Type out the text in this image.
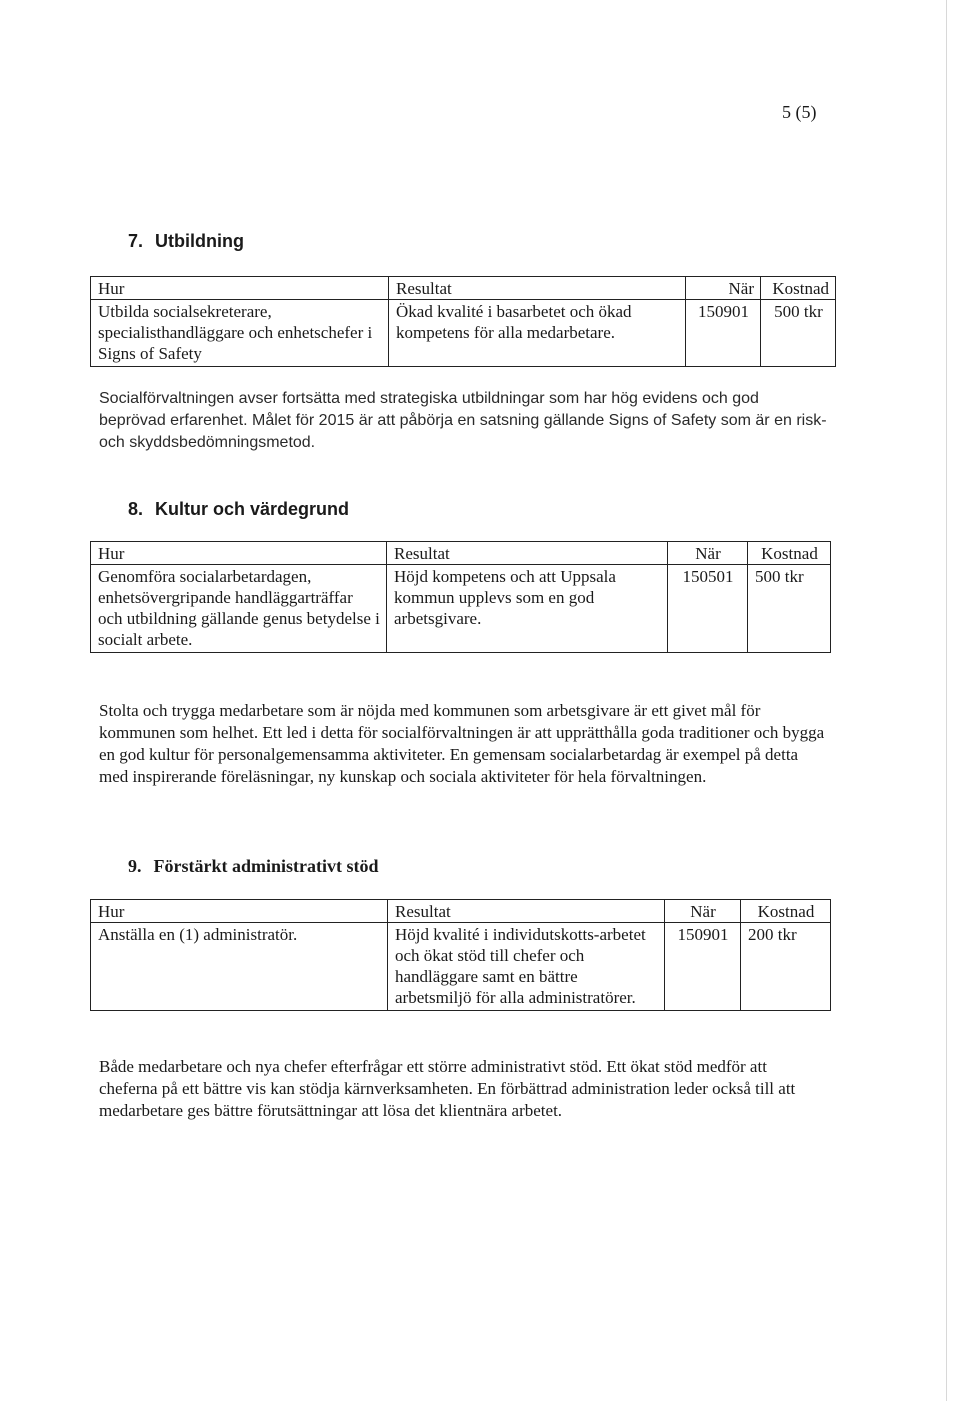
5 (5)
7. Utbildning
Hur	Resultat	När	Kostnad
Utbilda socialsekreterare, specialisthandläggare och enhetschefer i Signs of Safety	Ökad kvalité i basarbetet och ökad kompetens för alla medarbetare.	150901	500 tkr

Socialförvaltningen avser fortsätta med strategiska utbildningar som har hög evidens och god beprövad erfarenhet. Målet för 2015 är att påbörja en satsning gällande Signs of Safety som är en risk- och skyddsbedömningsmetod.

8. Kultur och värdegrund
Hur	Resultat	När	Kostnad
Genomföra socialarbetardagen, enhetsövergripande handläggarträffar och utbildning gällande genus betydelse i socialt arbete.	Höjd kompetens och att Uppsala kommun upplevs som en god arbetsgivare.	150501	500 tkr

Stolta och trygga medarbetare som är nöjda med kommunen som arbetsgivare är ett givet mål för kommunen som helhet. Ett led i detta för socialförvaltningen är att upprätthålla goda traditioner och bygga en god kultur för personalgemensamma aktiviteter. En gemensam socialarbetardag är exempel på detta med inspirerande föreläsningar, ny kunskap och sociala aktiviteter för hela förvaltningen.

9. Förstärkt administrativt stöd
Hur	Resultat	När	Kostnad
Anställa en (1) administratör.	Höjd kvalité i individutskotts-arbetet och ökat stöd till chefer och handläggare samt en bättre arbetsmiljö för alla administratörer.	150901	200 tkr

Både medarbetare och nya chefer efterfrågar ett större administrativt stöd. Ett ökat stöd medför att cheferna på ett bättre vis kan stödja kärnverksamheten. En förbättrad administration leder också till att medarbetare ges bättre förutsättningar att lösa det klientnära arbetet.
